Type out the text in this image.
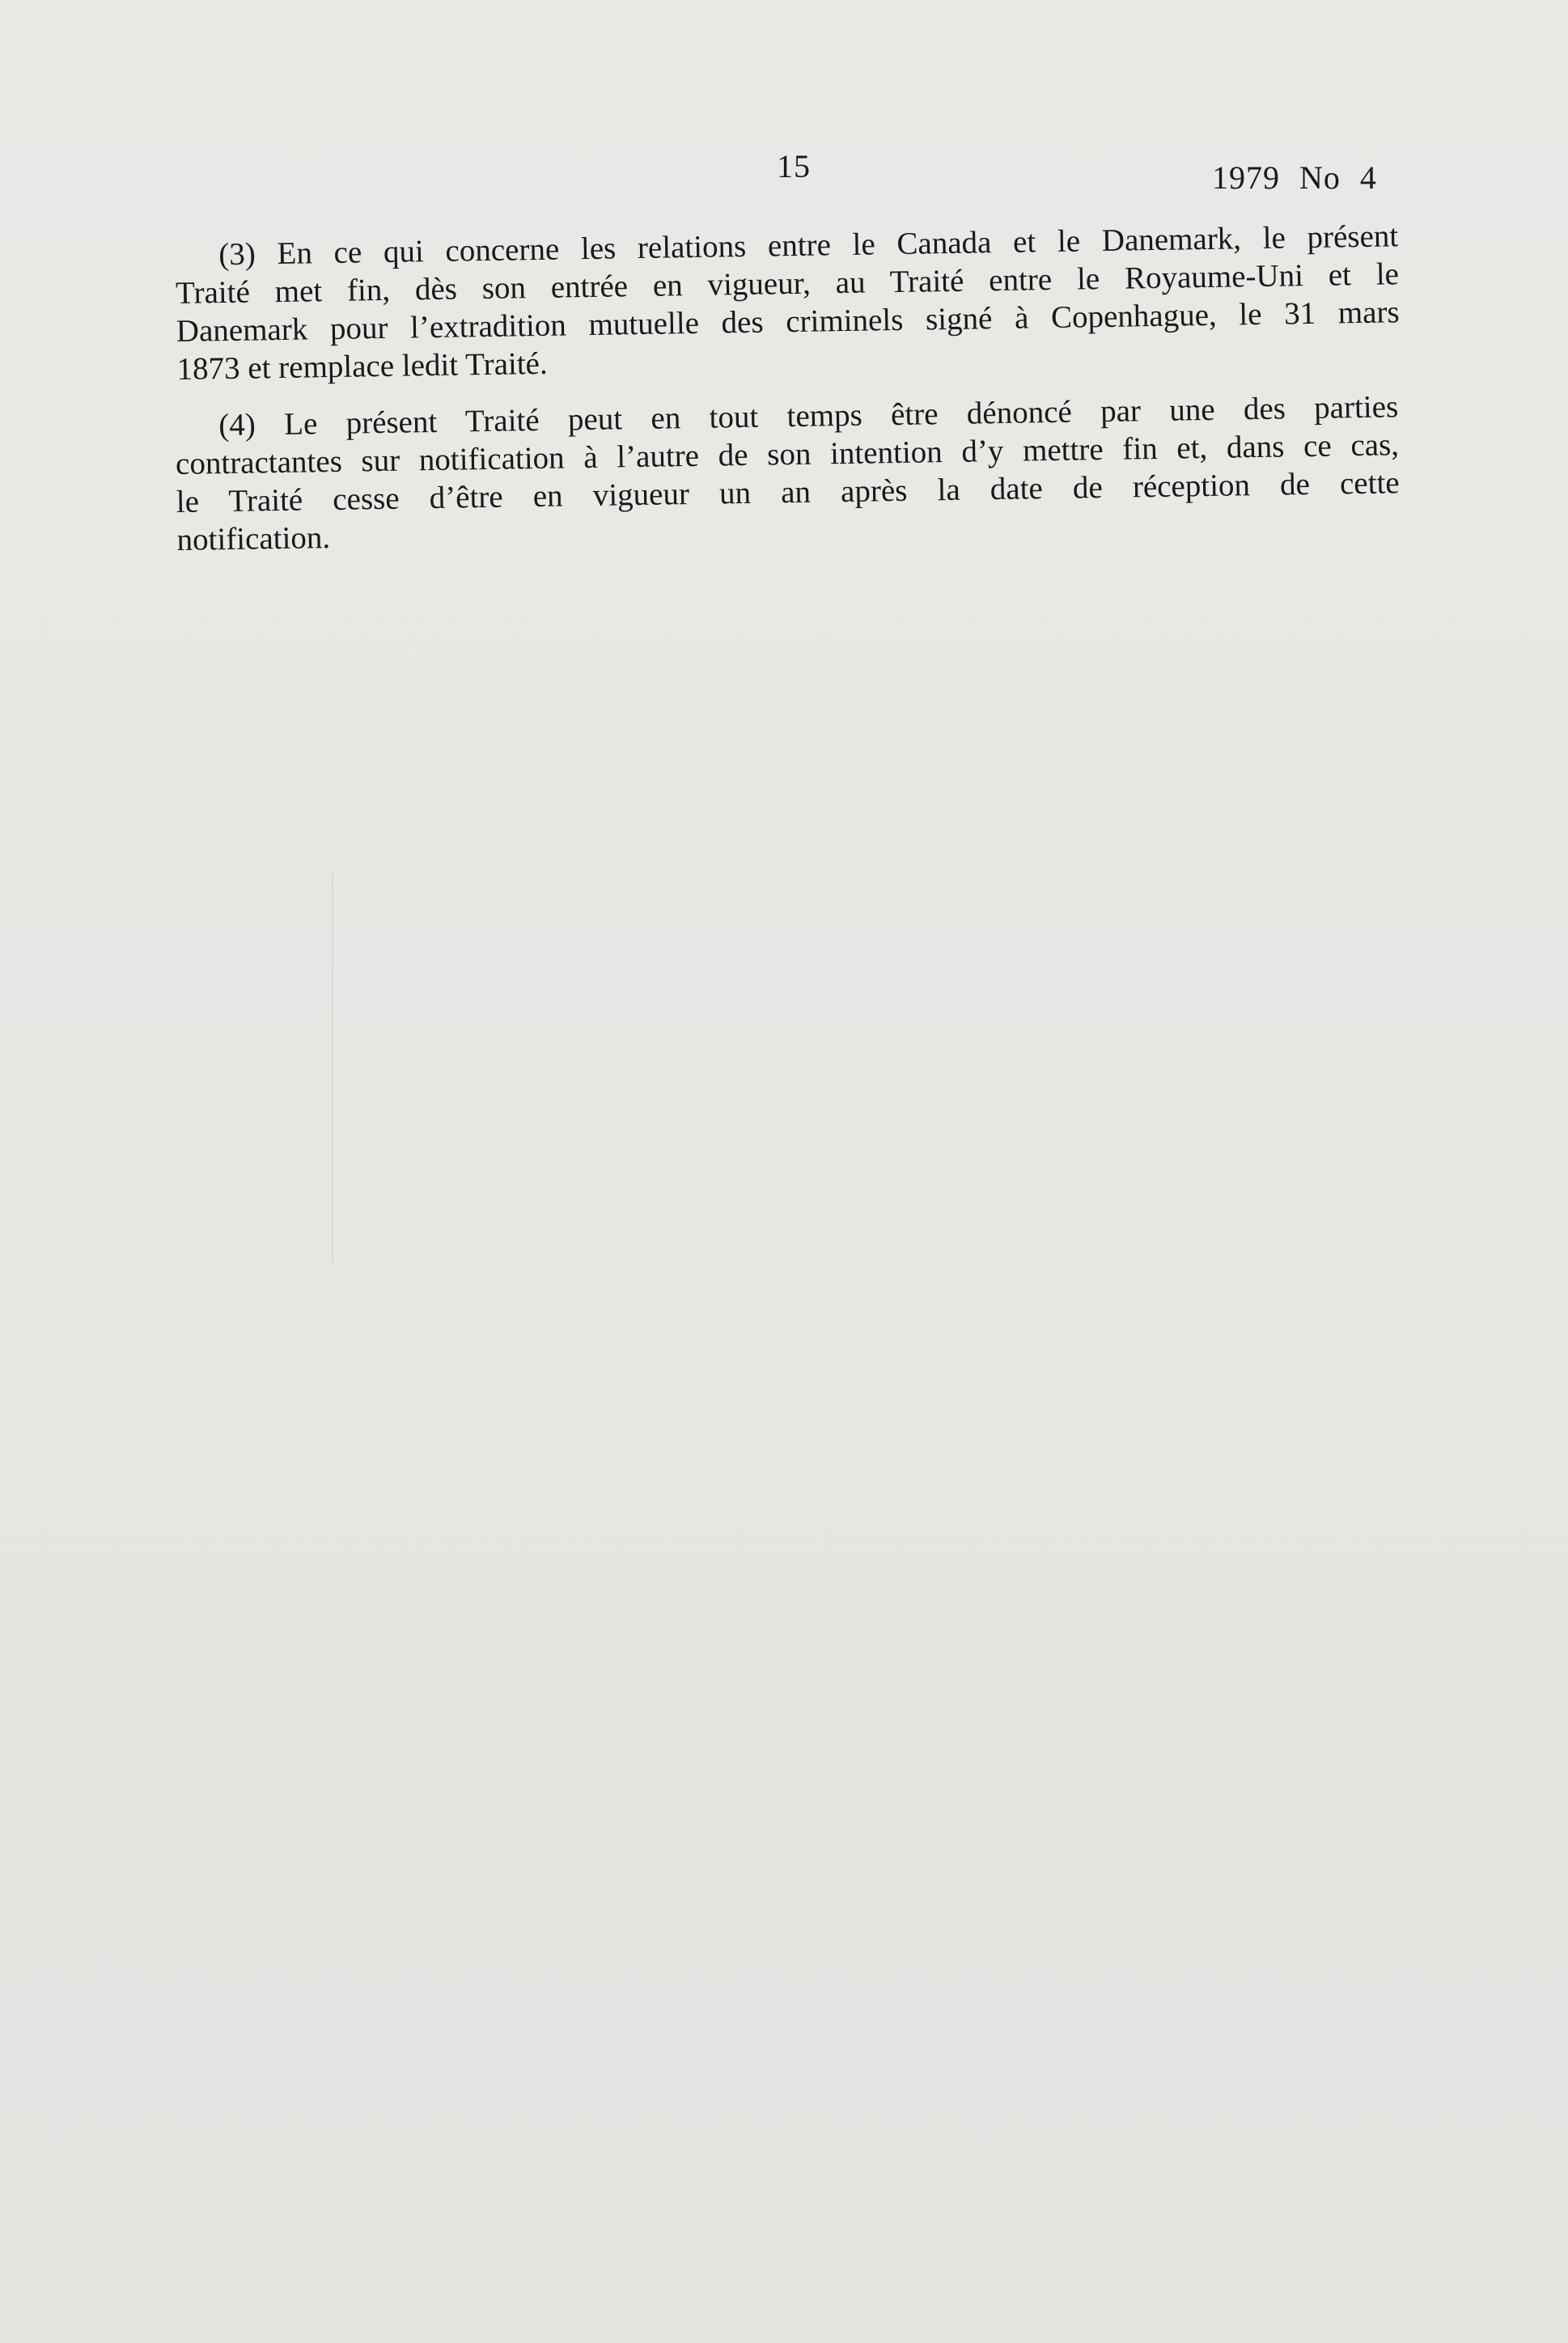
15	1979 No 4
(3) En ce qui concerne les relations entre le Canada et le Danemark, le présent
Traité met fin, dès son entrée en vigueur, au Traité entre le Royaume-Uni et le
Danemark pour l’extradition mutuelle des criminels signé à Copenhague, le 31 mars
1873 et remplace ledit Traité.
(4) Le présent Traité peut en tout temps être dénoncé par une des parties
contractantes sur notification à l’autre de son intention d’y mettre fin et, dans ce cas,
le Traité cesse d’être en vigueur un an après la date de réception de cette
notification.
